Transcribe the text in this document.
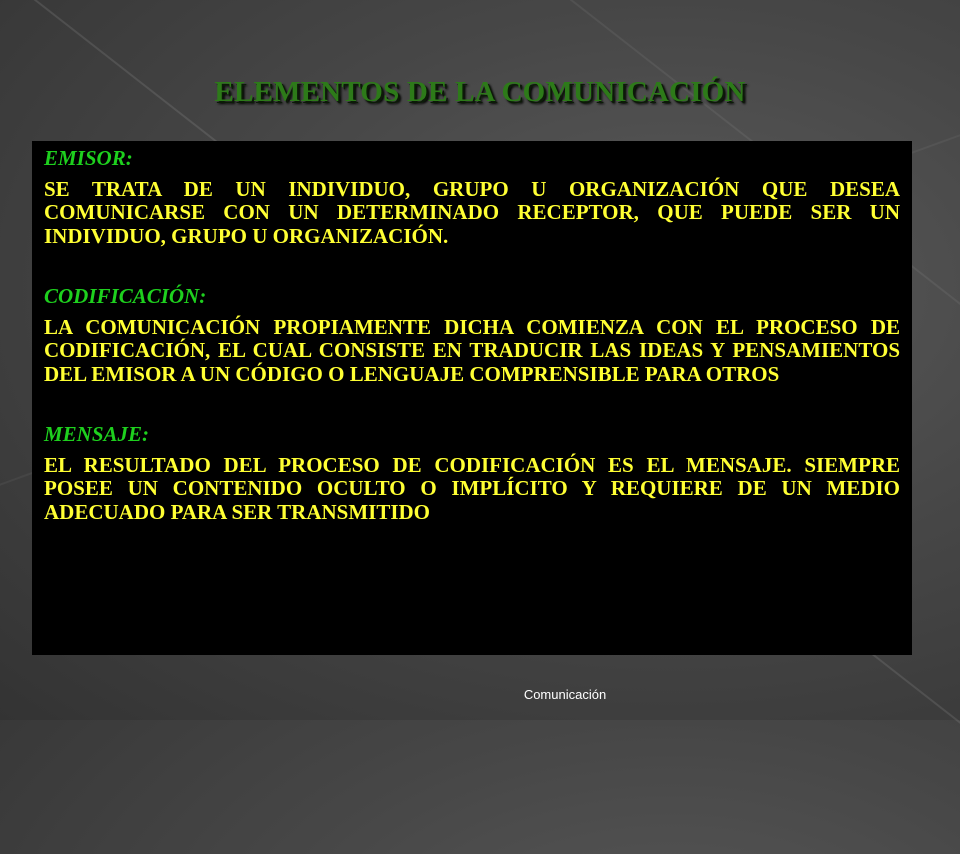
ELEMENTOS DE LA COMUNICACIÓN

EMISOR:

SE TRATA DE UN INDIVIDUO, GRUPO U ORGANIZACIÓN QUE DESEA COMUNICARSE CON UN DETERMINADO RECEPTOR, QUE PUEDE SER UN INDIVIDUO, GRUPO U ORGANIZACIÓN.

CODIFICACIÓN:

LA COMUNICACIÓN PROPIAMENTE DICHA COMIENZA CON EL PROCESO DE CODIFICACIÓN, EL CUAL CONSISTE EN TRADUCIR LAS IDEAS Y PENSAMIENTOS DEL EMISOR A UN CÓDIGO O LENGUAJE COMPRENSIBLE PARA OTROS

MENSAJE:

EL RESULTADO DEL PROCESO DE CODIFICACIÓN ES EL MENSAJE. SIEMPRE POSEE UN CONTENIDO OCULTO O IMPLÍCITO Y REQUIERE DE UN MEDIO ADECUADO PARA SER TRANSMITIDO

Comunicación
